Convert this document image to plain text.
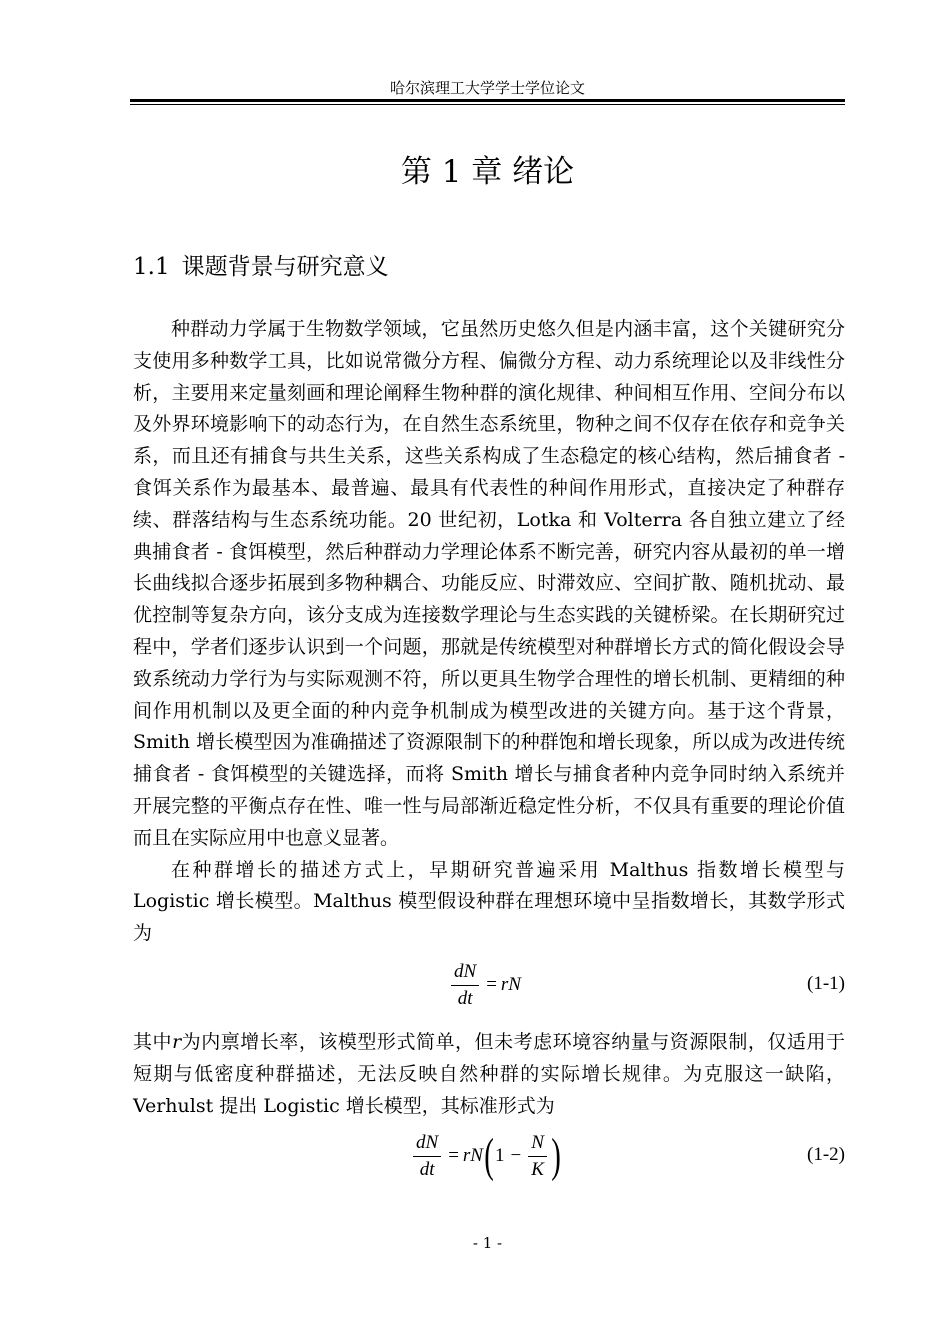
哈尔滨理工大学学士学位论文
第 1 章 绪论
1.1 课题背景与研究意义

种群动力学属于生物数学领域，它虽然历史悠久但是内涵丰富，这个关键研究分支使用多种数学工具，比如说常微分方程、偏微分方程、动力系统理论以及非线性分析，主要用来定量刻画和理论阐释生物种群的演化规律、种间相互作用、空间分布以及外界环境影响下的动态行为，在自然生态系统里，物种之间不仅存在依存和竞争关系，而且还有捕食与共生关系，这些关系构成了生态稳定的核心结构，然后捕食者 - 食饵关系作为最基本、最普遍、最具有代表性的种间作用形式，直接决定了种群存续、群落结构与生态系统功能。20 世纪初，Lotka 和 Volterra 各自独立建立了经典捕食者 - 食饵模型，然后种群动力学理论体系不断完善，研究内容从最初的单一增长曲线拟合逐步拓展到多物种耦合、功能反应、时滞效应、空间扩散、随机扰动、最优控制等复杂方向，该分支成为连接数学理论与生态实践的关键桥梁。在长期研究过程中，学者们逐步认识到一个问题，那就是传统模型对种群增长方式的简化假设会导致系统动力学行为与实际观测不符，所以更具生物学合理性的增长机制、更精细的种间作用机制以及更全面的种内竞争机制成为模型改进的关键方向。基于这个背景，Smith 增长模型因为准确描述了资源限制下的种群饱和增长现象，所以成为改进传统捕食者 - 食饵模型的关键选择，而将 Smith 增长与捕食者种内竞争同时纳入系统并开展完整的平衡点存在性、唯一性与局部渐近稳定性分析，不仅具有重要的理论价值而且在实际应用中也意义显著。

在种群增长的描述方式上，早期研究普遍采用 Malthus 指数增长模型与 Logistic 增长模型。Malthus 模型假设种群在理想环境中呈指数增长，其数学形式为

$\frac{dN}{dt}$ = rN	(1-1)

其中r为内禀增长率，该模型形式简单，但未考虑环境容纳量与资源限制，仅适用于短期与低密度种群描述，无法反映自然种群的实际增长规律。为克服这一缺陷，Verhulst 提出 Logistic 增长模型，其标准形式为

$\frac{dN}{dt}$ = rN ( $1 - \frac{N}{K}$ )	(1-2)
- 1 -
